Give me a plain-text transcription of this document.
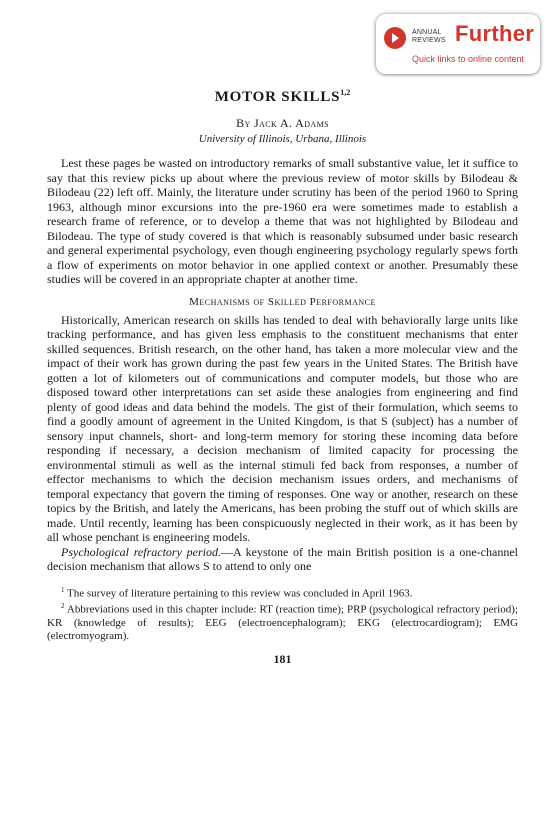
ANNUAL
REVIEWS Further
Quick links to online content
MOTOR SKILLS$^{1,2}$
By Jack A. Adams
University of Illinois, Urbana, Illinois

Lest these pages be wasted on introductory remarks of small substantive value, let it suffice to say that this review picks up about where the previous review of motor skills by Bilodeau & Bilodeau (22) left off. Mainly, the literature under scrutiny has been of the period 1960 to Spring 1963, although minor excursions into the pre-1960 era were sometimes made to establish a research frame of reference, or to develop a theme that was not highlighted by Bilodeau and Bilodeau. The type of study covered is that which is reasonably subsumed under basic research and general experimental psychology, even though engineering psychology regularly spews forth a flow of experiments on motor behavior in one applied context or another. Presumably these studies will be covered in an appropriate chapter at another time.

Mechanisms of Skilled Performance

Historically, American research on skills has tended to deal with behaviorally large units like tracking performance, and has given less emphasis to the constituent mechanisms that enter skilled sequences. British research, on the other hand, has taken a more molecular view and the impact of their work has grown during the past few years in the United States. The British have gotten a lot of kilometers out of communications and computer models, but those who are disposed toward other interpretations can set aside these analogies from engineering and find plenty of good ideas and data behind the models. The gist of their formulation, which seems to find a goodly amount of agreement in the United Kingdom, is that S (subject) has a number of sensory input channels, short- and long-term memory for storing these incoming data before responding if necessary, a decision mechanism of limited capacity for processing the environmental stimuli as well as the internal stimuli fed back from responses, a number of effector mechanisms to which the decision mechanism issues orders, and mechanisms of temporal expectancy that govern the timing of responses. One way or another, research on these topics by the British, and lately the Americans, has been probing the stuff out of which skills are made. Until recently, learning has been conspicuously neglected in their work, as it has been by all whose penchant is engineering models.

Psychological refractory period.—A keystone of the main British position is a one-channel decision mechanism that allows S to attend to only one

$^1$ The survey of literature pertaining to this review was concluded in April 1963.

$^2$ Abbreviations used in this chapter include: RT (reaction time); PRP (psychological refractory period); KR (knowledge of results); EEG (electroencephalogram); EKG (electrocardiogram); EMG (electromyogram).

181
